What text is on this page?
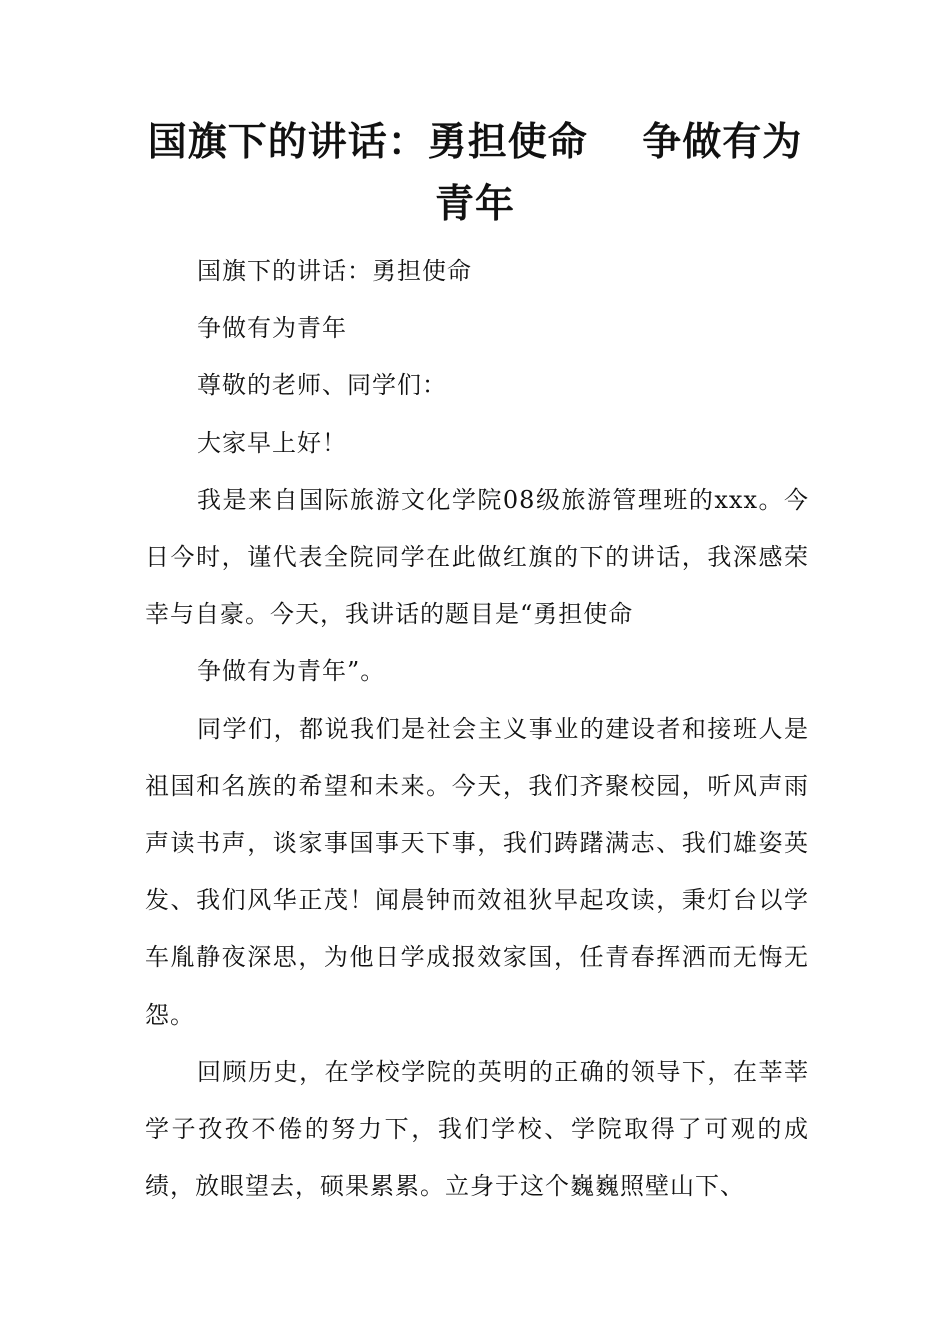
国旗下的讲话：勇担使命　 争做有为青年

国旗下的讲话：勇担使命

争做有为青年

尊敬的老师、同学们：

大家早上好！

我是来自国际旅游文化学院08级旅游管理班的xxx。今日今时，谨代表全院同学在此做红旗的下的讲话，我深感荣幸与自豪。今天，我讲话的题目是“勇担使命

争做有为青年”。

同学们，都说我们是社会主义事业的建设者和接班人是祖国和名族的希望和未来。今天，我们齐聚校园，听风声雨声读书声，谈家事国事天下事，我们踌躇满志、我们雄姿英发、我们风华正茂！闻晨钟而效祖狄早起攻读，秉灯台以学车胤静夜深思，为他日学成报效家国，任青春挥洒而无悔无怨。

回顾历史，在学校学院的英明的正确的领导下，在莘莘学子孜孜不倦的努力下，我们学校、学院取得了可观的成绩，放眼望去，硕果累累。立身于这个巍巍照壁山下、
